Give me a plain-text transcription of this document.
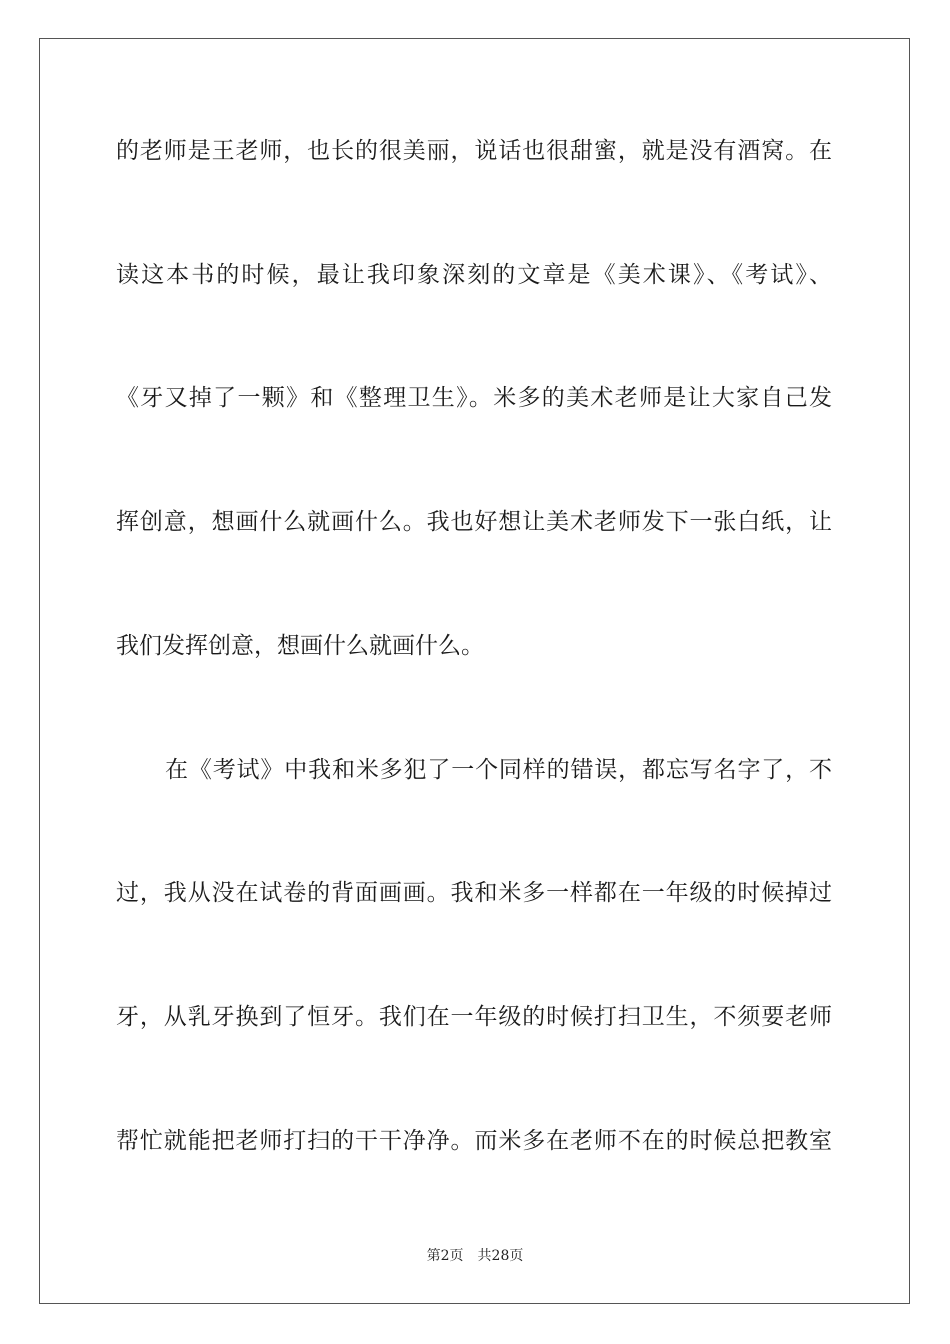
的老师是王老师，也长的很美丽，说话也很甜蜜，就是没有酒窝。在
读这本书的时候，最让我印象深刻的文章是《美术课》、《考试》、
《牙又掉了一颗》和《整理卫生》。米多的美术老师是让大家自己发
挥创意，想画什么就画什么。我也好想让美术老师发下一张白纸，让
我们发挥创意，想画什么就画什么。
在《考试》中我和米多犯了一个同样的错误，都忘写名字了，不
过，我从没在试卷的背面画画。我和米多一样都在一年级的时候掉过
牙，从乳牙换到了恒牙。我们在一年级的时候打扫卫生，不须要老师
帮忙就能把老师打扫的干干净净。而米多在老师不在的时候总把教室
第2页 共28页
